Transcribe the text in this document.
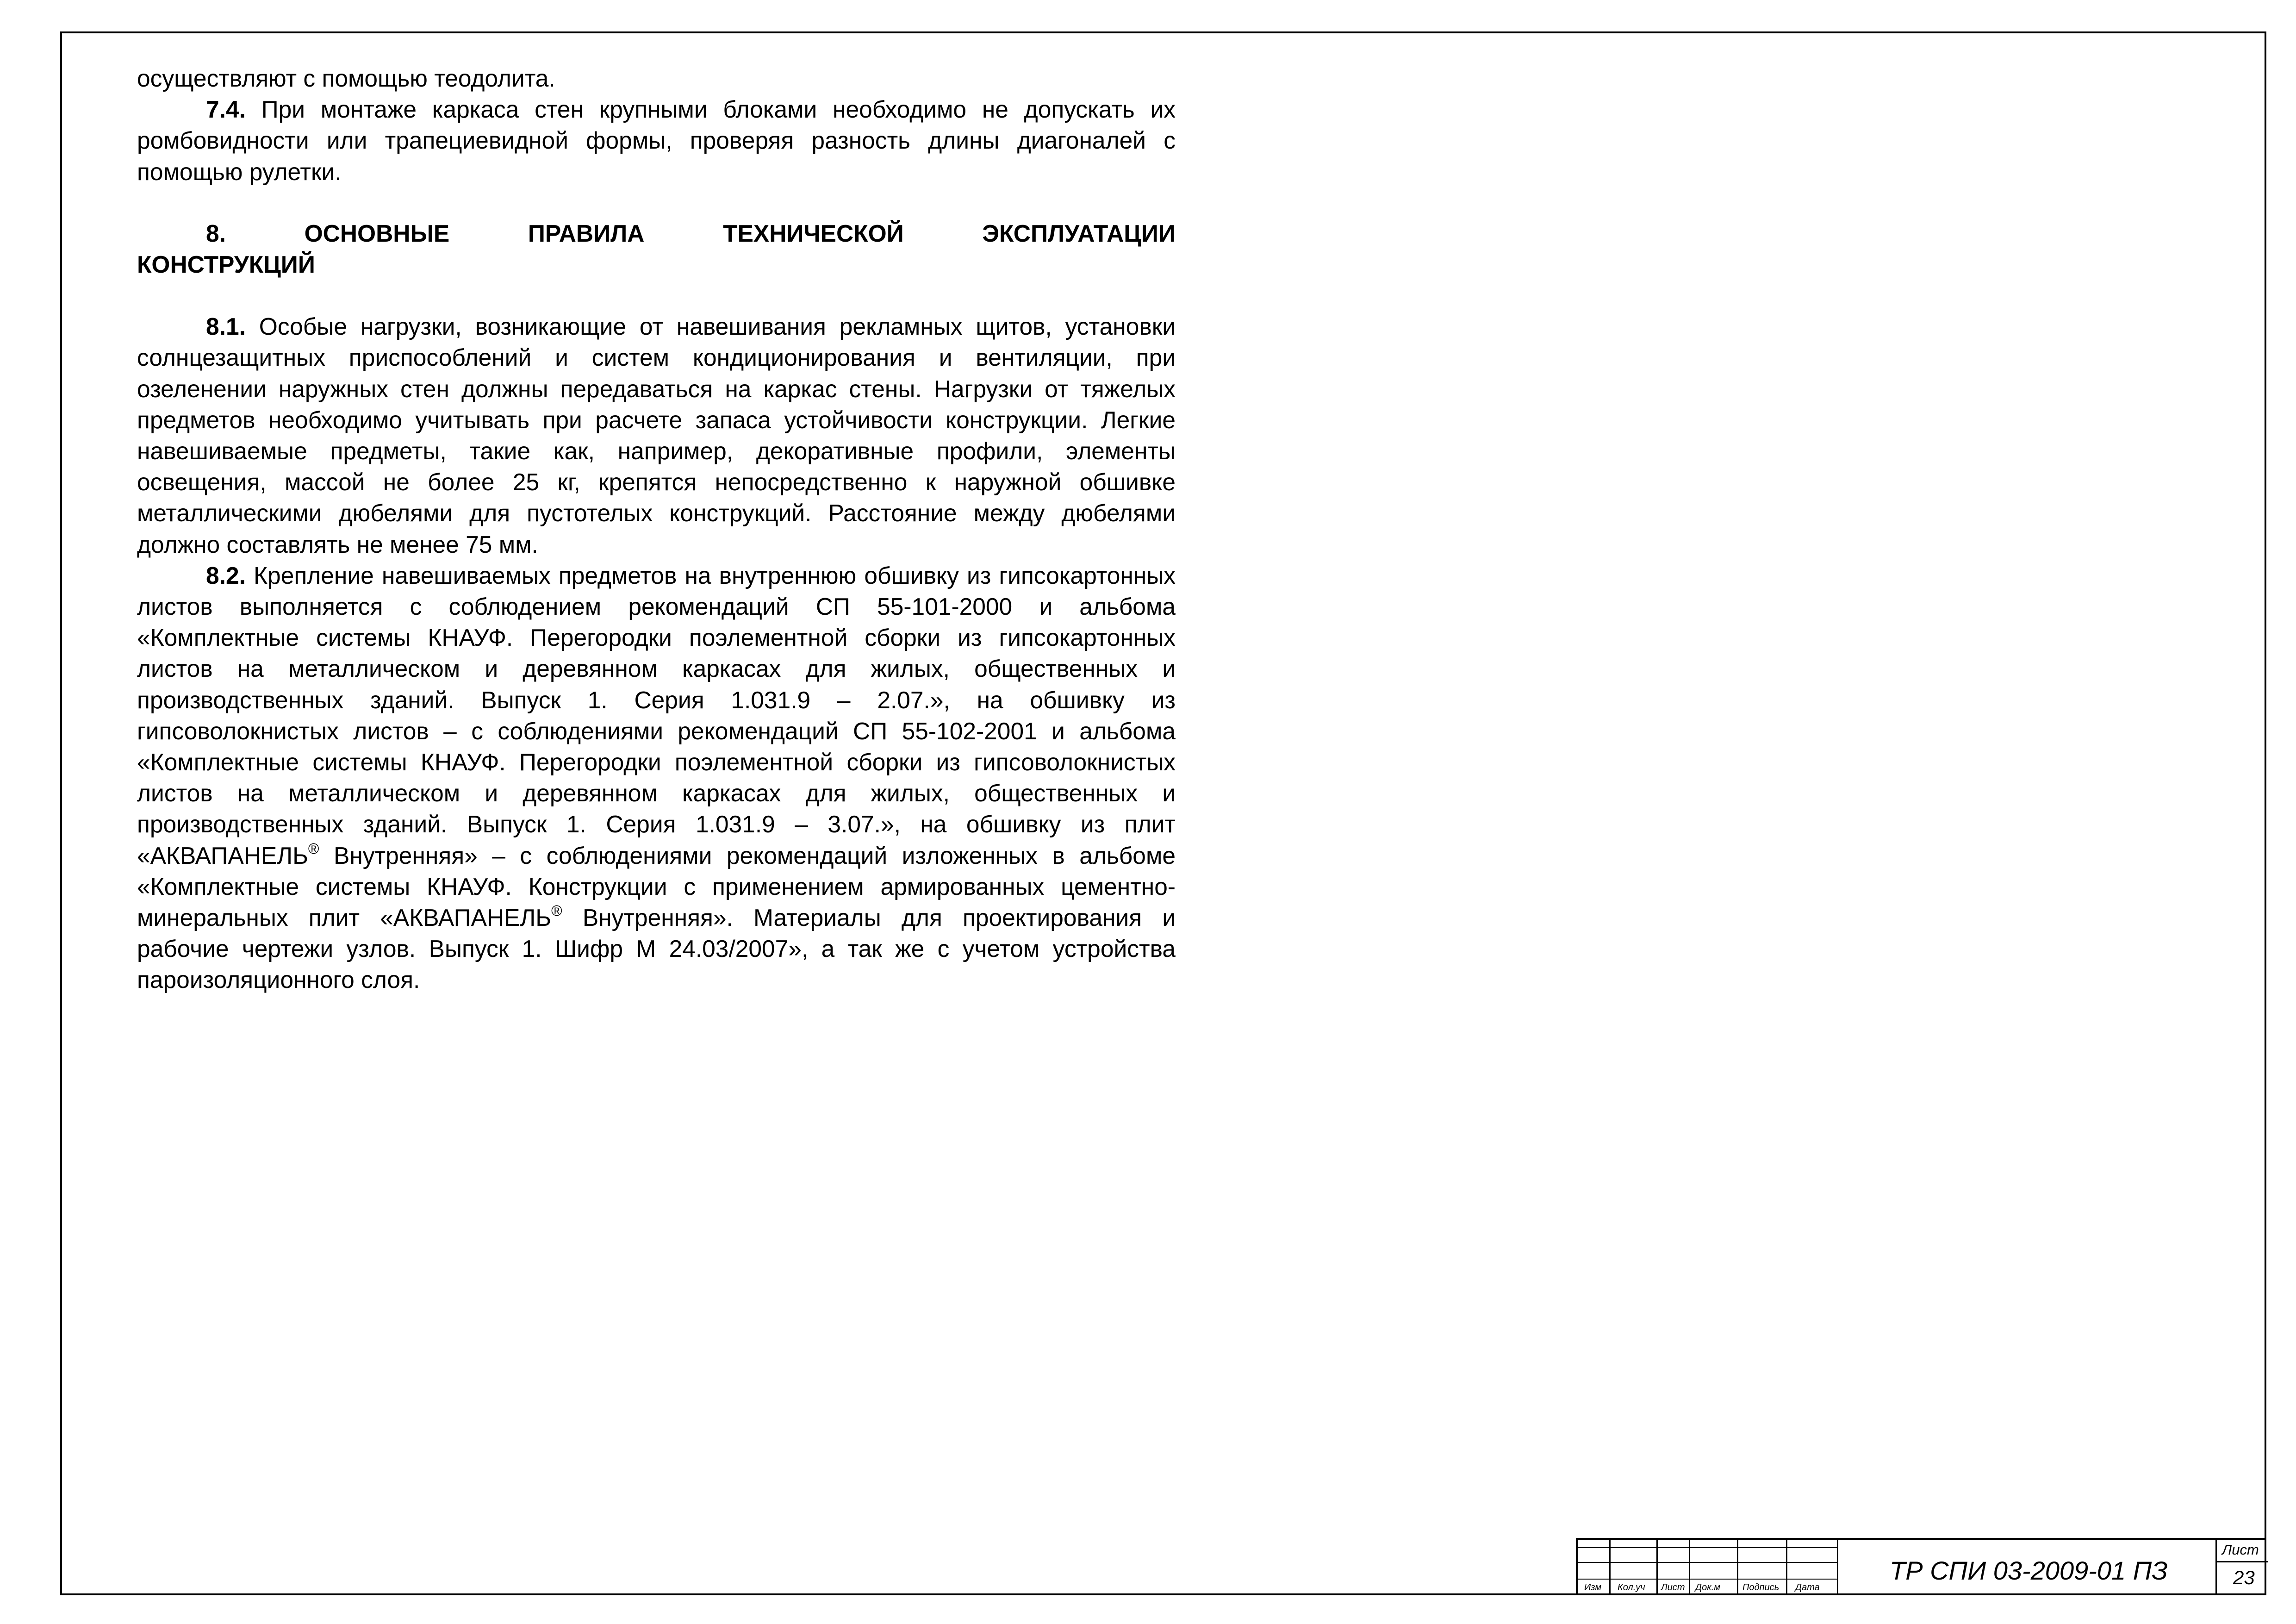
осуществляют с помощью теодолита.

7.4. При монтаже каркаса стен крупными блоками необходимо не допускать их ромбовидности или трапециевидной формы, проверяя разность длины диагоналей с помощью рулетки.

8.	ОСНОВНЫЕ	ПРАВИЛА	ТЕХНИЧЕСКОЙ	ЭКСПЛУАТАЦИИ
КОНСТРУКЦИЙ

8.1. Особые нагрузки, возникающие от навешивания рекламных щитов, установки солнцезащитных приспособлений и систем кондиционирования и вентиляции, при озеленении наружных стен должны передаваться на каркас стены. Нагрузки от тяжелых предметов необходимо учитывать при расчете запаса устойчивости конструкции. Легкие навешиваемые предметы, такие как, например, декоративные профили, элементы освещения, массой не более 25 кг, крепятся непосредственно к наружной обшивке металлическими дюбелями для пустотелых конструкций. Расстояние между дюбелями должно составлять не менее 75 мм.

8.2. Крепление навешиваемых предметов на внутреннюю обшивку из гипсокартонных листов выполняется с соблюдением рекомендаций СП 55-101-2000 и альбома «Комплектные системы КНАУФ. Перегородки поэлементной сборки из гипсокартонных листов на металлическом и деревянном каркасах для жилых, общественных и производственных зданий. Выпуск 1. Серия 1.031.9 – 2.07.», на обшивку из гипсоволокнистых листов – с соблюдениями рекомендаций СП 55-102-2001 и альбома «Комплектные системы КНАУФ. Перегородки поэлементной сборки из гипсоволокнистых листов на металлическом и деревянном каркасах для жилых, общественных и производственных зданий. Выпуск 1. Серия 1.031.9 – 3.07.», на обшивку из плит «АКВАПАНЕЛЬ® Внутренняя» – с соблюдениями рекомендаций изложенных в альбоме «Комплектные системы КНАУФ. Конструкции с применением армированных цементно-минеральных плит «АКВАПАНЕЛЬ® Внутренняя». Материалы для проектирования и рабочие чертежи узлов. Выпуск 1. Шифр М 24.03/2007», а так же с учетом устройства пароизоляционного слоя.

Изм Кол.уч Лист Док.м Подпись Дата
ТР СПИ 03-2009-01 ПЗ
Лист
23
